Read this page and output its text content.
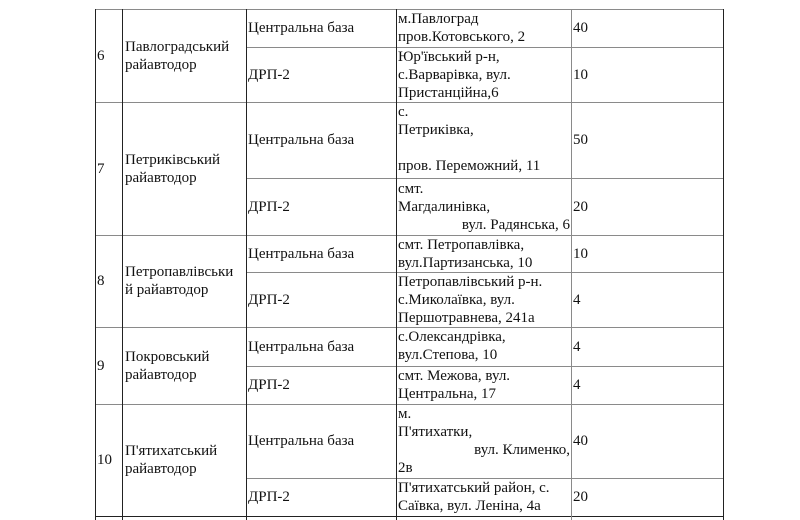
6
Павлоградський
райавтодор
Центральна база
м.Павлоград
пров.Котовського, 2
40
ДРП-2
Юр'ївський р-н,
с.Варварівка, вул.
Пристанційна,6
10
7
Петриківський
райавтодор
Центральна база
с.
Петриківка,
пров. Переможний, 11
50
ДРП-2
смт.
Магдалинівка,
вул. Радянська, 6
20
8
Петропавлівськи
й райавтодор
Центральна база
смт. Петропавлівка,
вул.Партизанська, 10
10
ДРП-2
Петропавлівський р-н.
с.Миколаївка, вул.
Першотравнева, 241а
4
9
Покровський
райавтодор
Центральна база
с.Олександрівка,
вул.Степова, 10
4
ДРП-2
смт. Межова, вул.
Центральна, 17
4
10
П'ятихатський
райавтодор
Центральна база
м.
П'ятихатки,
вул. Клименко,
2в
40
ДРП-2
П'ятихатський район, с.
Саївка, вул. Леніна, 4а
20
